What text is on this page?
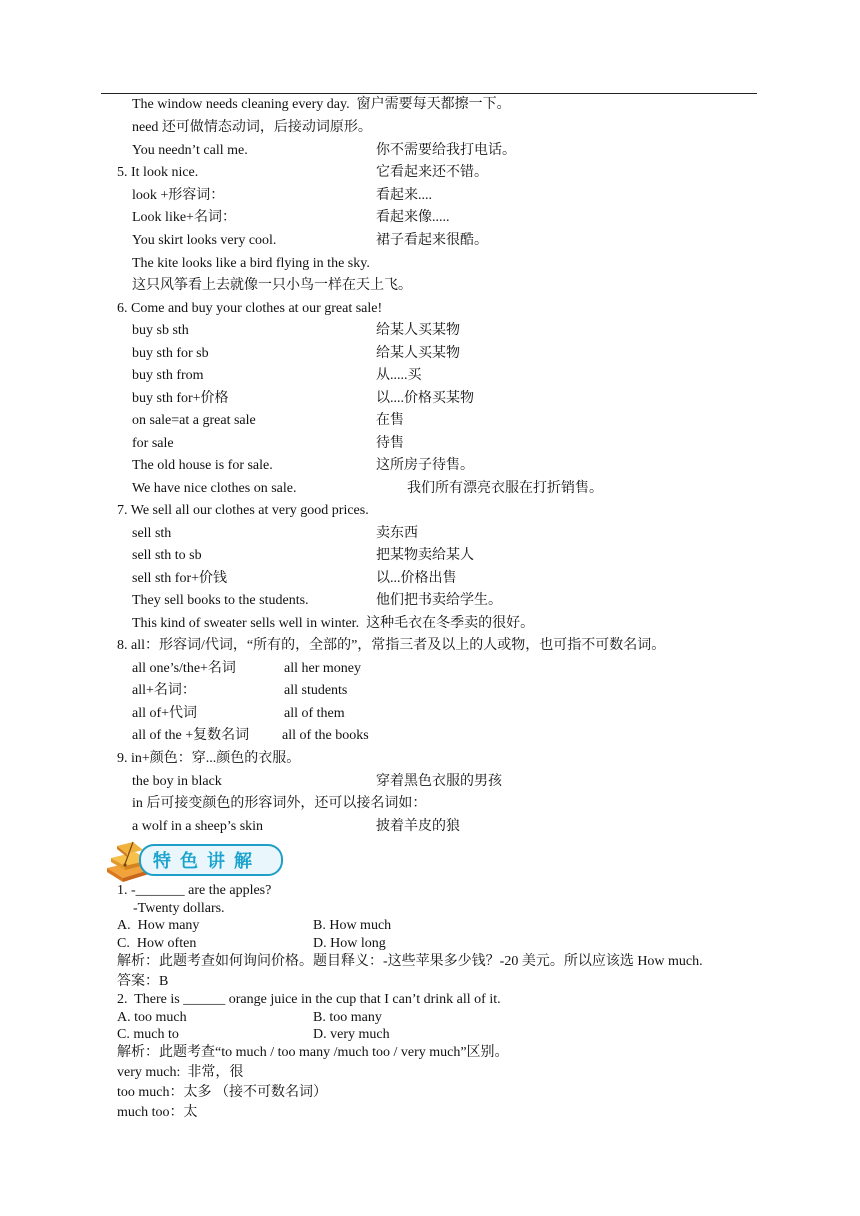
The window needs cleaning every day.  窗户需要每天都擦一下。
need 还可做情态动词，后接动词原形。
You needn’t call me.	你不需要给我打电话。
5. It look nice.	它看起来还不错。
look +形容词：	看起来....
Look like+名词：	看起来像.....
You skirt looks very cool.	裙子看起来很酷。
The kite looks like a bird flying in the sky.
这只风筝看上去就像一只小鸟一样在天上飞。
6. Come and buy your clothes at our great sale!
buy sb sth	给某人买某物
buy sth for sb	给某人买某物
buy sth from	从.....买
buy sth for+价格	以....价格买某物
on sale=at a great sale	在售
for sale	待售
The old house is for sale.	这所房子待售。
We have nice clothes on sale.	我们所有漂亮衣服在打折销售。
7. We sell all our clothes at very good prices.
sell sth	卖东西
sell sth to sb	把某物卖给某人
sell sth for+价钱	以...价格出售
They sell books to the students.	他们把书卖给学生。
This kind of sweater sells well in winter.  这种毛衣在冬季卖的很好。
8. all：形容词/代词，“所有的，全部的”，常指三者及以上的人或物，也可指不可数名词。
all one’s/the+名词	all her money
all+名词：	all students
all of+代词	all of them
all of the +复数名词 all of the books
9. in+颜色：穿...颜色的衣服。
the boy in black	穿着黑色衣服的男孩
in 后可接变颜色的形容词外，还可以接名词如：
a wolf in a sheep’s skin	披着羊皮的狼
特色讲解
1. -_______ are the apples?
-Twenty dollars.
A.  How many	B. How much
C.  How often	D. How long
解析：此题考查如何询问价格。题目释义：-这些苹果多少钱？-20 美元。所以应该选 How much.
答案：B
2.  There is ______ orange juice in the cup that I can’t drink all of it.
A. too much	B. too many
C. much to	D. very much
解析：此题考查“to much / too many /much too / very much”区别。
very much:  非常，很
too much：太多 （接不可数名词）
much too：太
